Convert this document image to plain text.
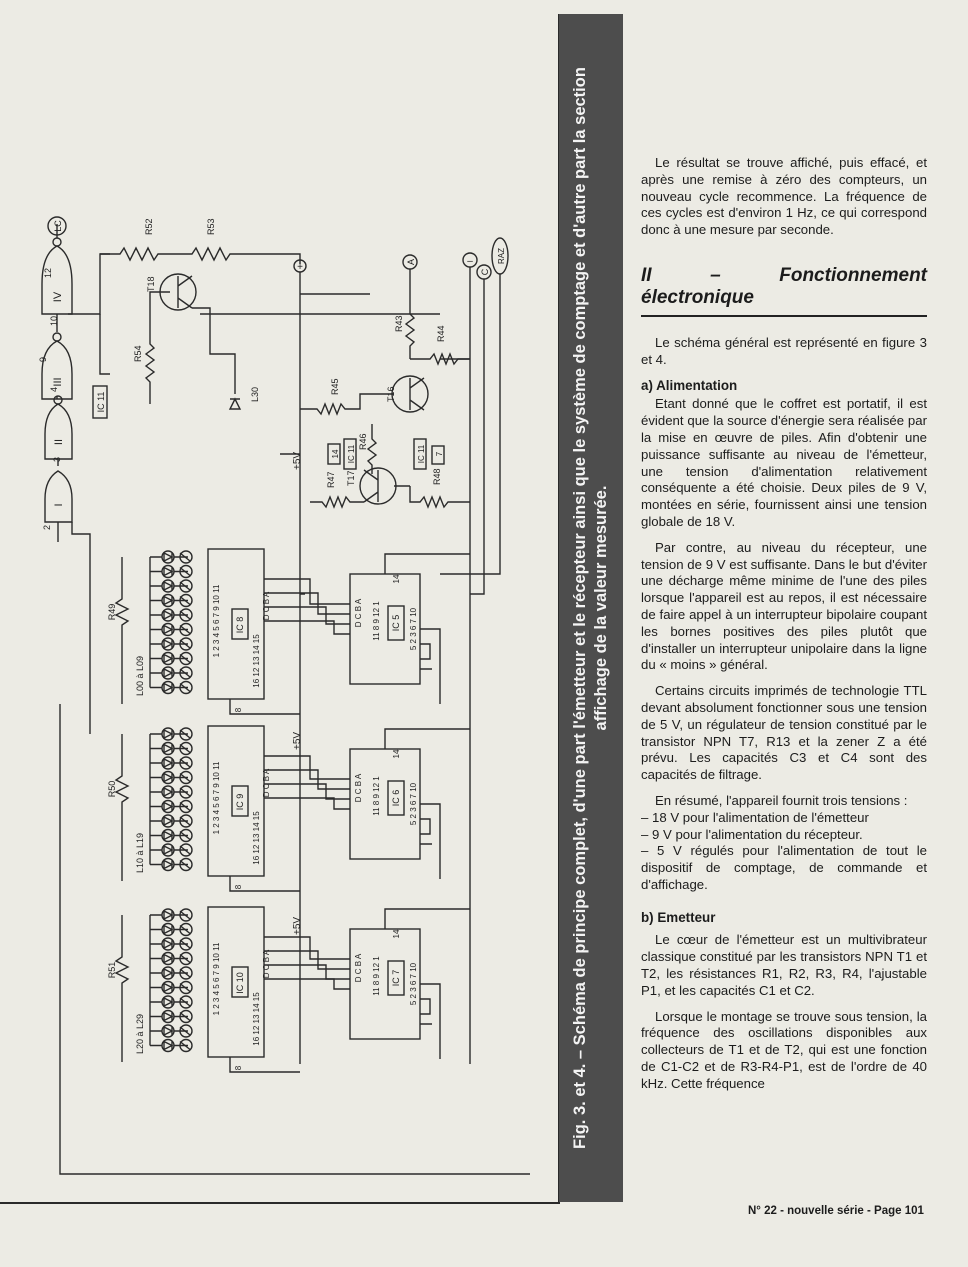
IV
III
II
I
12
10
9
4
3
2
IC 11
LC	R52	R53
T18
R54
L30
+	A
R43
R44
T16
R45
R46
14 IC 11	IC 11 7
T17
R47	R48
+5V
+5V
+5V
–
C
RAZ
IC 8
1 2 3 4 5 6 7 9 10 11
16 12 13 14 15
D C B A
8
R49
L00 à L09
IC 5
D C B A 11 8 9 12 1	5 2 3 6 7 10
14
IC 9
1 2 3 4 5 6 7 9 10 11
16 12 13 14 15
D C B A
8
R50
L10 à L19
IC 6
D C B A 11 8 9 12 1	5 2 3 6 7 10
14
IC 10
1 2 3 4 5 6 7 9 10 11
16 12 13 14 15
D C B A
8
R51
L20 à L29
IC 7
D C B A 11 8 9 12 1	5 2 3 6 7 10
14	Fig. 3. et 4. – Schéma de principe complet, d'une part l'émetteur et le récepteur ainsi que le système de comptage et d'autre part la section affichage de la valeur mesurée.

Le résultat se trouve affiché, puis effacé, et après une remise à zéro des compteurs, un nouveau cycle recommence. La fréquence de ces cycles est d'environ 1 Hz, ce qui correspond donc à une mesure par seconde.

II – Fonctionnement électronique

Le schéma général est représenté en figure 3 et 4.

a) Alimentation

Etant donné que le coffret est portatif, il est évident que la source d'énergie sera réalisée par la mise en œuvre de piles. Afin d'obtenir une puissance suffisante au niveau de l'émetteur, une tension d'alimentation relativement conséquente a été choisie. Deux piles de 9 V, montées en série, fournissent ainsi une tension globale de 18 V.

Par contre, au niveau du récepteur, une tension de 9 V est suffisante. Dans le but d'éviter une décharge même minime de l'une des piles lorsque l'appareil est au repos, il est nécessaire de faire appel à un interrupteur bipolaire coupant les bornes positives des piles plutôt que d'installer un interrupteur unipolaire dans la ligne du « moins » général.

Certains circuits imprimés de technologie TTL devant absolument fonctionner sous une tension de 5 V, un régulateur de tension constitué par le transistor NPN T7, R13 et la zener Z a été prévu. Les capacités C3 et C4 sont des capacités de filtrage.

En résumé, l'appareil fournit trois tensions :

– 18 V pour l'alimentation de l'émetteur

– 9 V pour l'alimentation du récepteur.

– 5 V régulés pour l'alimentation de tout le dispositif de comptage, de commande et d'affichage.

b) Emetteur

Le cœur de l'émetteur est un multivibrateur classique constitué par les transistors NPN T1 et T2, les résistances R1, R2, R3, R4, l'ajustable P1, et les capacités C1 et C2.

Lorsque le montage se trouve sous tension, la fréquence des oscillations disponibles aux collecteurs de T1 et de T2, qui est une fonction de C1-C2 et de R3-R4-P1, est de l'ordre de 40 kHz. Cette fréquence

N° 22 - nouvelle série - Page 101
